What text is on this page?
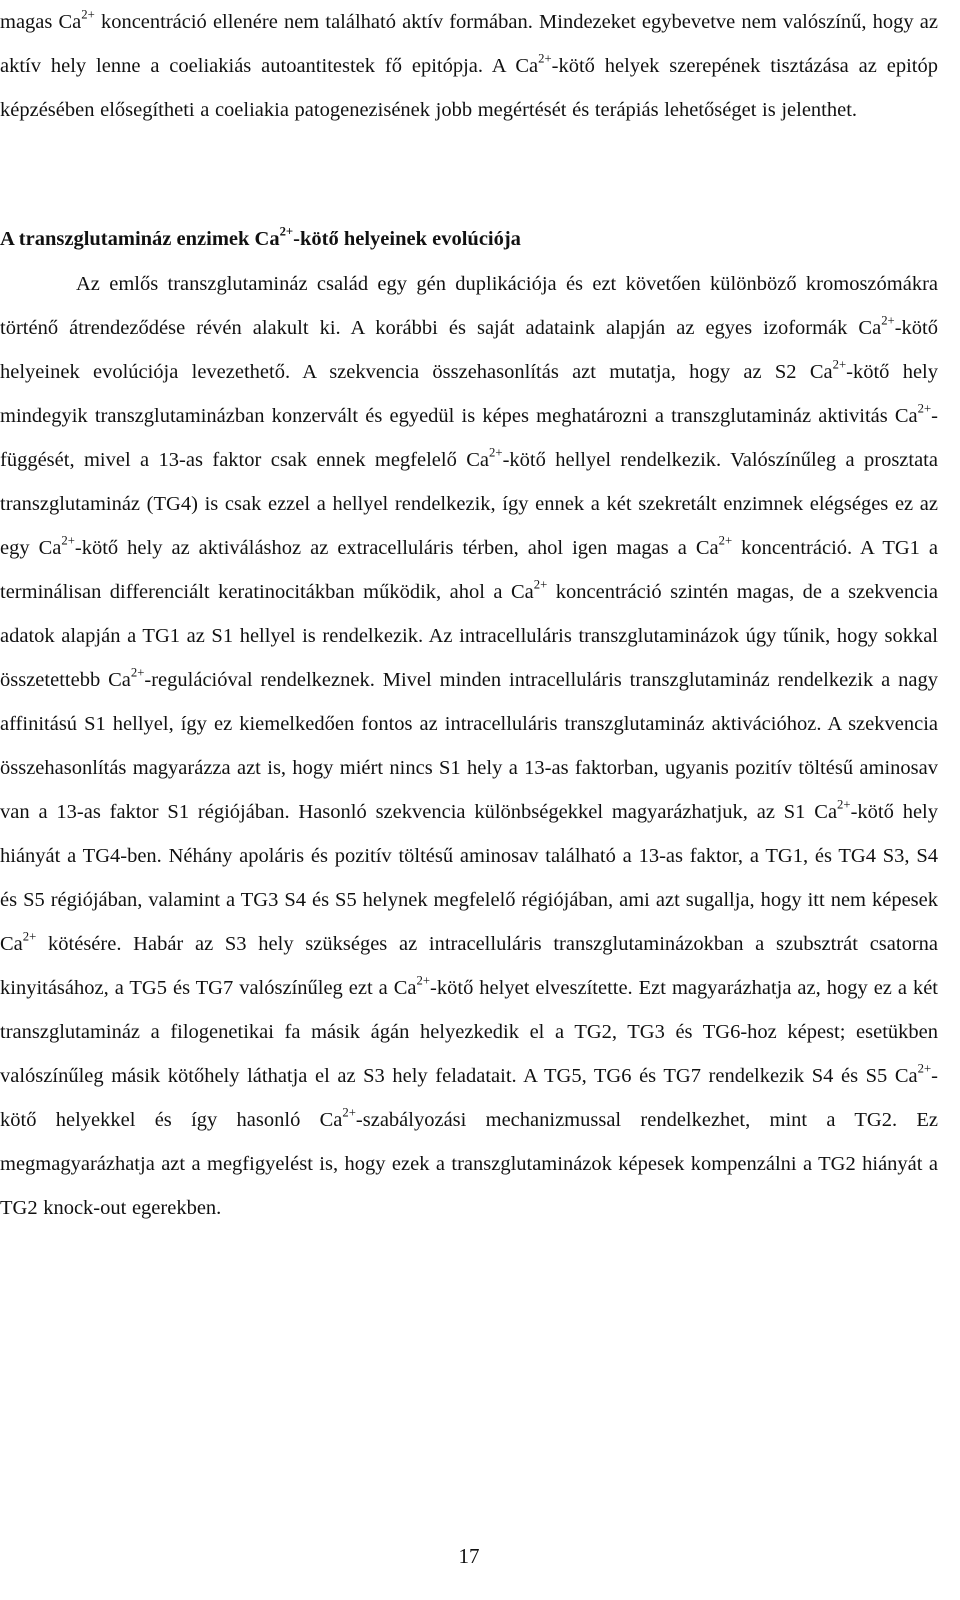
magas $Ca^{2+}$ koncentráció ellenére nem található aktív formában. Mindezeket egybevetve nem valószínű, hogy az aktív hely lenne a coeliakiás autoantitestek fő epitópja. A $Ca^{2+}$-kötő helyek szerepének tisztázása az epitóp képzésében elősegítheti a coeliakia patogenezisének jobb megértését és terápiás lehetőséget is jelenthet.

A transzglutamináz enzimek $Ca^{2+}$-kötő helyeinek evolúciója

Az emlős transzglutamináz család egy gén duplikációja és ezt követően különböző kromoszómákra történő átrendeződése révén alakult ki. A korábbi és saját adataink alapján az egyes izoformák $Ca^{2+}$-kötő helyeinek evolúciója levezethető. A szekvencia összehasonlítás azt mutatja, hogy az S2 $Ca^{2+}$-kötő hely mindegyik transzglutaminázban konzervált és egyedül is képes meghatározni a transzglutamináz aktivitás $Ca^{2+}$-függését, mivel a 13-as faktor csak ennek megfelelő $Ca^{2+}$-kötő hellyel rendelkezik. Valószínűleg a prosztata transzglutamináz (TG4) is csak ezzel a hellyel rendelkezik, így ennek a két szekretált enzimnek elégséges ez az egy $Ca^{2+}$-kötő hely az aktiváláshoz az extracelluláris térben, ahol igen magas a $Ca^{2+}$ koncentráció. A TG1 a terminálisan differenciált keratinocitákban működik, ahol a $Ca^{2+}$ koncentráció szintén magas, de a szekvencia adatok alapján a TG1 az S1 hellyel is rendelkezik. Az intracelluláris transzglutaminázok úgy tűnik, hogy sokkal összetettebb $Ca^{2+}$-regulációval rendelkeznek. Mivel minden intracelluláris transzglutamináz rendelkezik a nagy affinitású S1 hellyel, így ez kiemelkedően fontos az intracelluláris transzglutamináz aktivációhoz. A szekvencia összehasonlítás magyarázza azt is, hogy miért nincs S1 hely a 13-as faktorban, ugyanis pozitív töltésű aminosav van a 13-as faktor S1 régiójában. Hasonló szekvencia különbségekkel magyarázhatjuk, az S1 $Ca^{2+}$-kötő hely hiányát a TG4-ben. Néhány apoláris és pozitív töltésű aminosav található a 13-as faktor, a TG1, és TG4 S3, S4 és S5 régiójában, valamint a TG3 S4 és S5 helynek megfelelő régiójában, ami azt sugallja, hogy itt nem képesek $Ca^{2+}$ kötésére. Habár az S3 hely szükséges az intracelluláris transzglutaminázokban a szubsztrát csatorna kinyitásához, a TG5 és TG7 valószínűleg ezt a $Ca^{2+}$-kötő helyet elveszítette. Ezt magyarázhatja az, hogy ez a két transzglutamináz a filogenetikai fa másik ágán helyezkedik el a TG2, TG3 és TG6-hoz képest; esetükben valószínűleg másik kötőhely láthatja el az S3 hely feladatait. A TG5, TG6 és TG7 rendelkezik S4 és S5 $Ca^{2+}$-kötő helyekkel és így hasonló $Ca^{2+}$-szabályozási mechanizmussal rendelkezhet, mint a TG2. Ez megmagyarázhatja azt a megfigyelést is, hogy ezek a transzglutaminázok képesek kompenzálni a TG2 hiányát a TG2 knock-out egerekben.

17
